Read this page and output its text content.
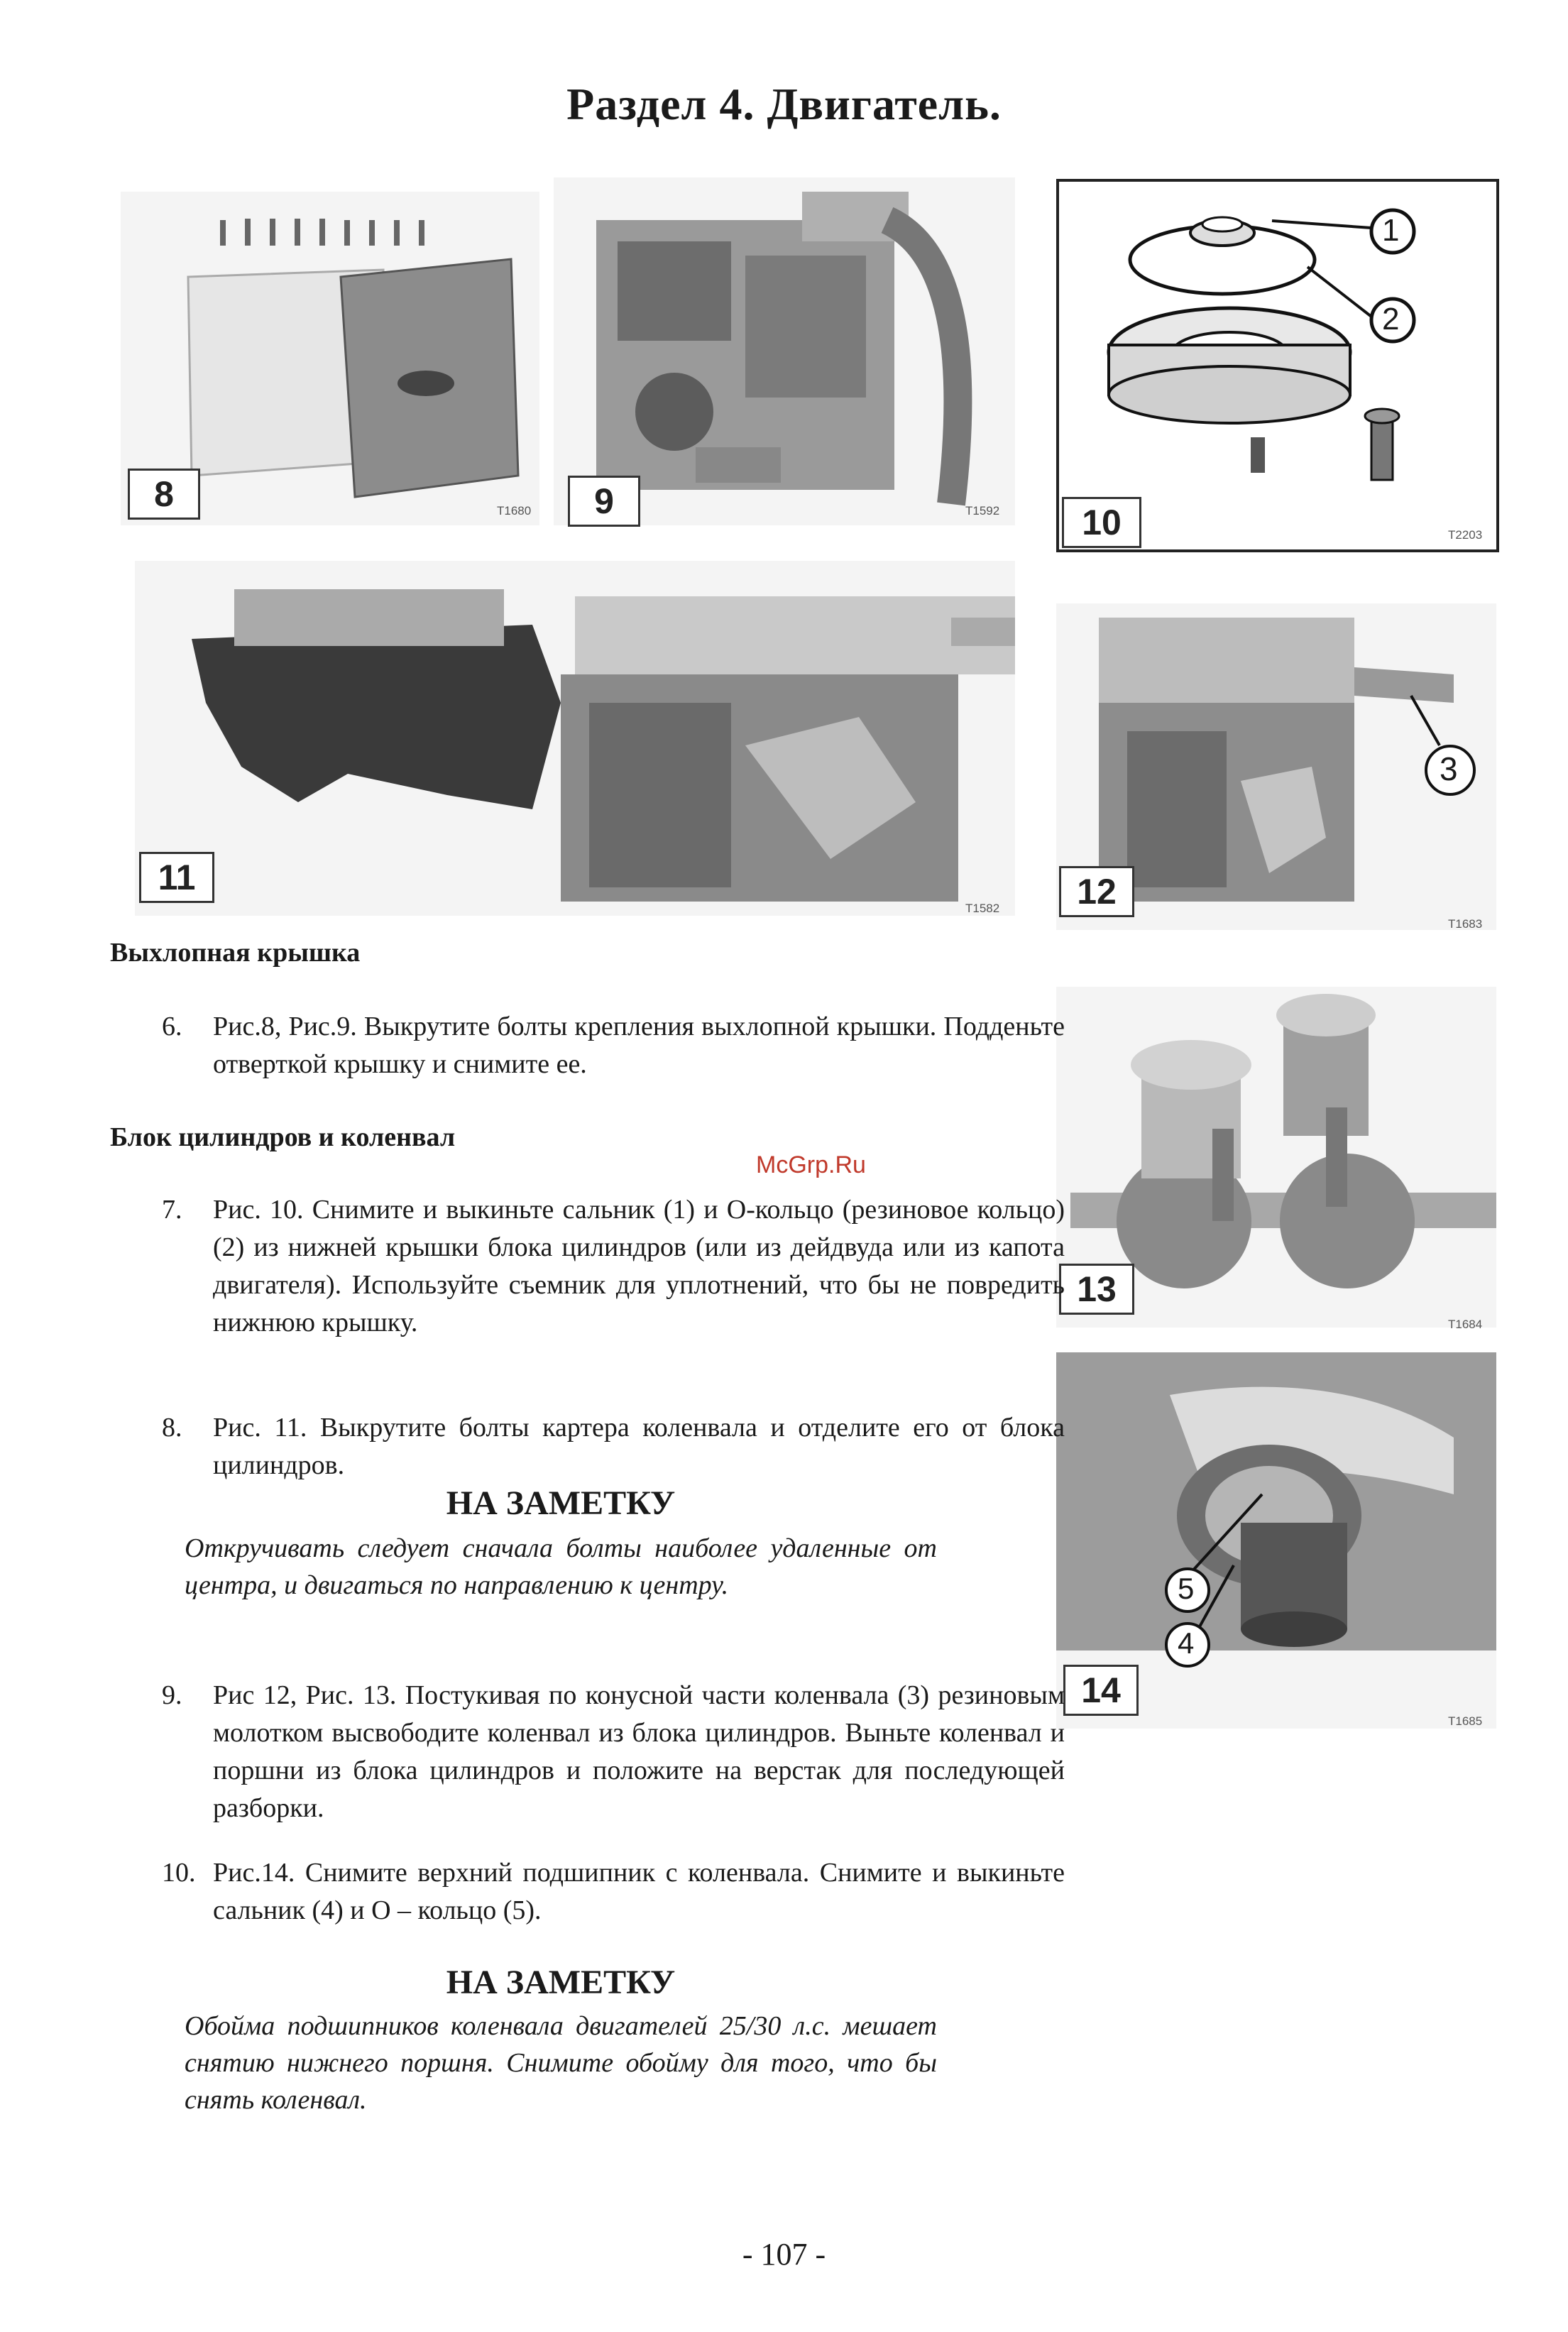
Раздел 4. Двигатель.
8	T1680	9	T1592
1
2
10	T2203
11
T1582
3
12
T1683
13
T1684
5
4
14
T1685
Выхлопная крышка
6. Рис.8, Рис.9. Выкрутите болты крепления выхлопной крышки. Подденьте отверткой крышку и снимите ее.
Блок цилиндров и коленвал
McGrp.Ru
7. Рис. 10. Снимите и выкиньте сальник (1) и О-кольцо (резиновое кольцо) (2) из нижней крышки блока цилиндров (или из дейдвуда или из капота двигателя). Используйте съемник для уплотнений, что бы не повредить нижнюю крышку.
8. Рис. 11. Выкрутите болты картера коленвала и отделите его от блока цилиндров.
НА ЗАМЕТКУ
Откручивать следует сначала болты наиболее удаленные от центра, и двигаться по направлению к центру.
9. Рис 12, Рис. 13. Постукивая по конусной части коленвала (3) резиновым молотком высвободите коленвал из блока цилиндров. Выньте коленвал и поршни из блока цилиндров и положите на верстак для последующей разборки.
10. Рис.14. Снимите верхний подшипник с коленвала. Снимите и выкиньте сальник (4) и О – кольцо (5).
НА ЗАМЕТКУ
Обойма подшипников коленвала двигателей 25/30 л.с. мешает снятию нижнего поршня. Снимите обойму для того, что бы снять коленвал.
- 107 -
